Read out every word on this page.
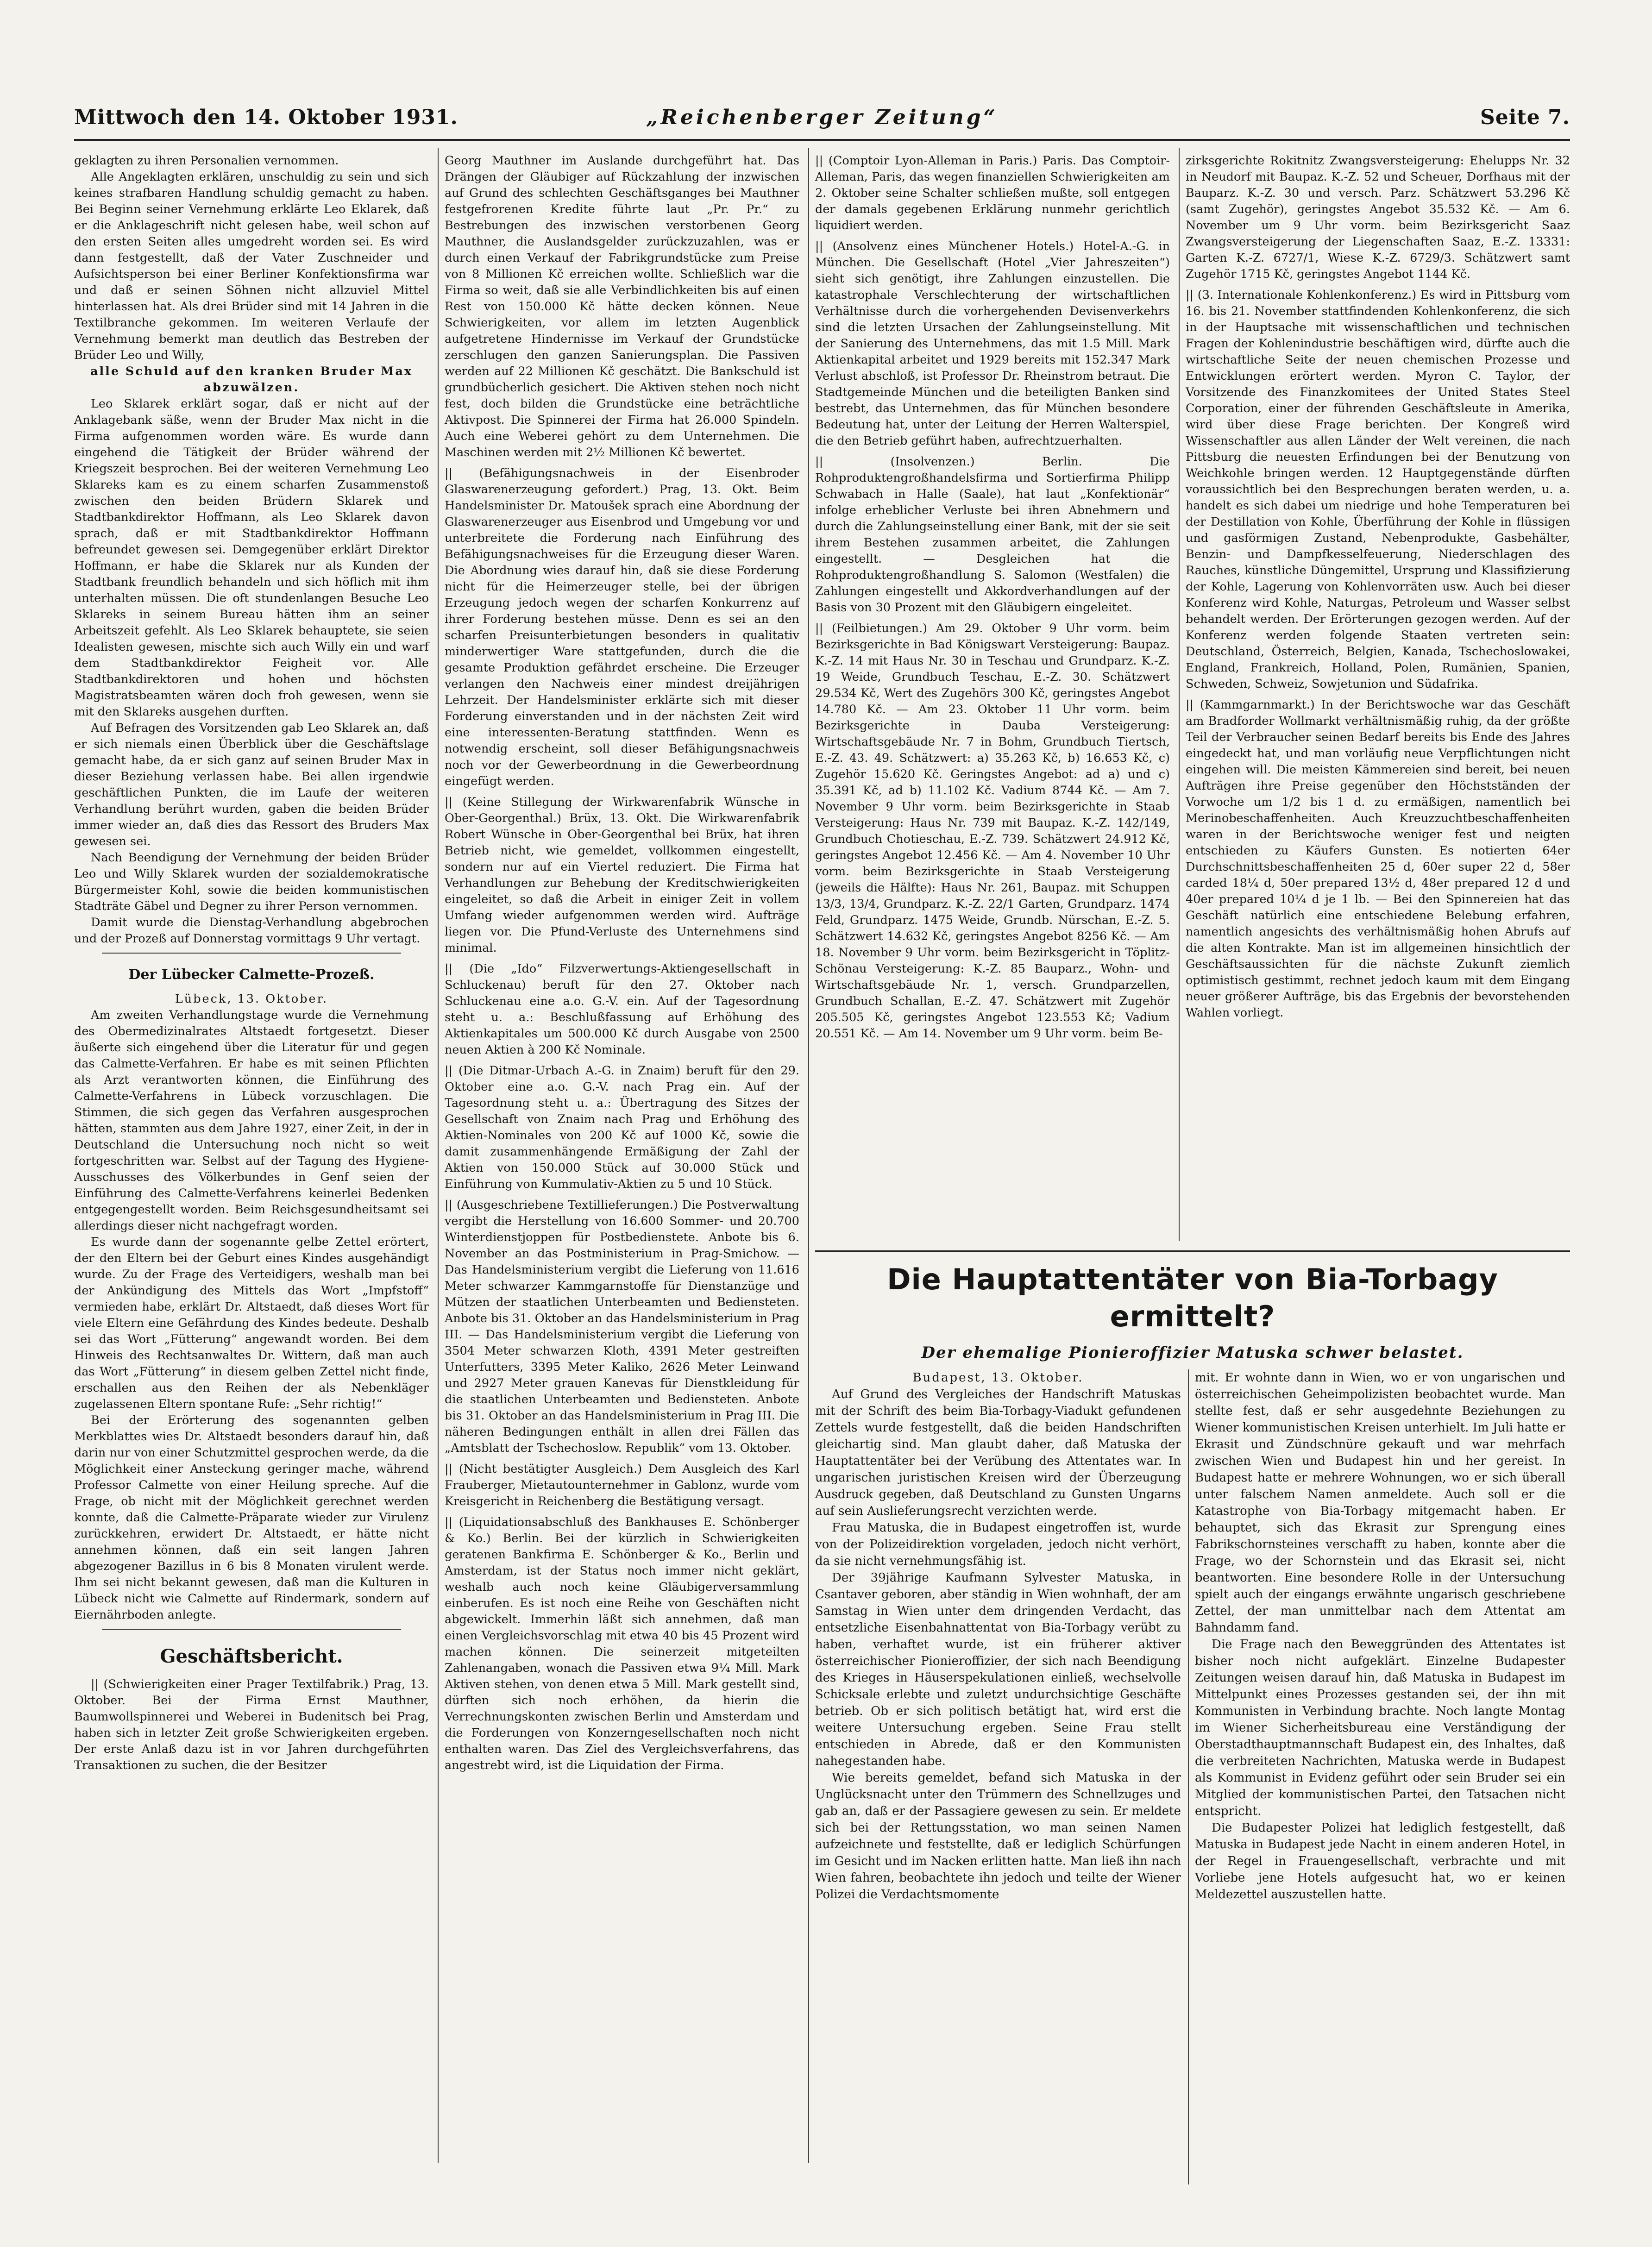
Mittwoch den 14. Oktober 1931.	„Reichenberger Zeitung“	Seite 7.

geklagten zu ihren Personalien vernommen.

Alle Angeklagten erklären, unschuldig zu sein und sich keines strafbaren Handlung schuldig gemacht zu haben. Bei Beginn seiner Vernehmung erklärte Leo Eklarek, daß er die Anklageschrift nicht gelesen habe, weil schon auf den ersten Seiten alles umgedreht worden sei. Es wird dann festgestellt, daß der Vater Zuschneider und Aufsichtsperson bei einer Berliner Konfektionsfirma war und daß er seinen Söhnen nicht allzuviel Mittel hinterlassen hat. Als drei Brüder sind mit 14 Jahren in die Textilbranche gekommen. Im weiteren Verlaufe der Vernehmung bemerkt man deutlich das Bestreben der Brüder Leo und Willy,

alle Schuld auf den kranken Bruder Max abzuwälzen.

Leo Sklarek erklärt sogar, daß er nicht auf der Anklagebank säße, wenn der Bruder Max nicht in die Firma aufgenommen worden wäre. Es wurde dann eingehend die Tätigkeit der Brüder während der Kriegszeit besprochen. Bei der weiteren Vernehmung Leo Sklareks kam es zu einem scharfen Zusammenstoß zwischen den beiden Brüdern Sklarek und Stadtbankdirektor Hoffmann, als Leo Sklarek davon sprach, daß er mit Stadtbankdirektor Hoffmann befreundet gewesen sei. Demgegenüber erklärt Direktor Hoffmann, er habe die Sklarek nur als Kunden der Stadtbank freundlich behandeln und sich höflich mit ihm unterhalten müssen. Die oft stundenlangen Besuche Leo Sklareks in seinem Bureau hätten ihm an seiner Arbeitszeit gefehlt. Als Leo Sklarek behauptete, sie seien Idealisten gewesen, mischte sich auch Willy ein und warf dem Stadtbankdirektor Feigheit vor. Alle Stadtbankdirektoren und hohen und höchsten Magistratsbeamten wären doch froh gewesen, wenn sie mit den Sklareks ausgehen durften.

Auf Befragen des Vorsitzenden gab Leo Sklarek an, daß er sich niemals einen Überblick über die Geschäftslage gemacht habe, da er sich ganz auf seinen Bruder Max in dieser Beziehung verlassen habe. Bei allen irgendwie geschäftlichen Punkten, die im Laufe der weiteren Verhandlung berührt wurden, gaben die beiden Brüder immer wieder an, daß dies das Ressort des Bruders Max gewesen sei.

Nach Beendigung der Vernehmung der beiden Brüder Leo und Willy Sklarek wurden der sozialdemokratische Bürgermeister Kohl, sowie die beiden kommunistischen Stadträte Gäbel und Degner zu ihrer Person vernommen.

Damit wurde die Dienstag-Verhandlung abgebrochen und der Prozeß auf Donnerstag vormittags 9 Uhr vertagt.

Der Lübecker Calmette-Prozeß.

Lübeck, 13. Oktober.

Am zweiten Verhandlungstage wurde die Vernehmung des Obermedizinalrates Altstaedt fortgesetzt. Dieser äußerte sich eingehend über die Literatur für und gegen das Calmette-Verfahren. Er habe es mit seinen Pflichten als Arzt verantworten können, die Einführung des Calmette-Verfahrens in Lübeck vorzuschlagen. Die Stimmen, die sich gegen das Verfahren ausgesprochen hätten, stammten aus dem Jahre 1927, einer Zeit, in der in Deutschland die Untersuchung noch nicht so weit fortgeschritten war. Selbst auf der Tagung des Hygiene-Ausschusses des Völkerbundes in Genf seien der Einführung des Calmette-Verfahrens keinerlei Bedenken entgegengestellt worden. Beim Reichsgesundheitsamt sei allerdings dieser nicht nachgefragt worden.

Es wurde dann der sogenannte gelbe Zettel erörtert, der den Eltern bei der Geburt eines Kindes ausgehändigt wurde. Zu der Frage des Verteidigers, weshalb man bei der Ankündigung des Mittels das Wort „Impfstoff“ vermieden habe, erklärt Dr. Altstaedt, daß dieses Wort für viele Eltern eine Gefährdung des Kindes bedeute. Deshalb sei das Wort „Fütterung“ angewandt worden. Bei dem Hinweis des Rechtsanwaltes Dr. Wittern, daß man auch das Wort „Fütterung“ in diesem gelben Zettel nicht finde, erschallen aus den Reihen der als Nebenkläger zugelassenen Eltern spontane Rufe: „Sehr richtig!“

Bei der Erörterung des sogenannten gelben Merkblattes wies Dr. Altstaedt besonders darauf hin, daß darin nur von einer Schutzmittel gesprochen werde, da die Möglichkeit einer Ansteckung geringer mache, während Professor Calmette von einer Heilung spreche. Auf die Frage, ob nicht mit der Möglichkeit gerechnet werden konnte, daß die Calmette-Präparate wieder zur Virulenz zurückkehren, erwidert Dr. Altstaedt, er hätte nicht annehmen können, daß ein seit langen Jahren abgezogener Bazillus in 6 bis 8 Monaten virulent werde. Ihm sei nicht bekannt gewesen, daß man die Kulturen in Lübeck nicht wie Calmette auf Rindermark, sondern auf Eiernährboden anlegte.

Geschäftsbericht.

|| (Schwierigkeiten einer Prager Textilfabrik.) Prag, 13. Oktober. Bei der Firma Ernst Mauthner, Baumwollspinnerei und Weberei in Budenitsch bei Prag, haben sich in letzter Zeit große Schwierigkeiten ergeben. Der erste Anlaß dazu ist in vor Jahren durchgeführten Transaktionen zu suchen, die der Besitzer

Georg Mauthner im Auslande durchgeführt hat. Das Drängen der Gläubiger auf Rückzahlung der inzwischen auf Grund des schlechten Geschäftsganges bei Mauthner festgefrorenen Kredite führte laut „Pr. Pr.“ zu Bestrebungen des inzwischen verstorbenen Georg Mauthner, die Auslandsgelder zurückzuzahlen, was er durch einen Verkauf der Fabrikgrundstücke zum Preise von 8 Millionen Kč erreichen wollte. Schließlich war die Firma so weit, daß sie alle Verbindlichkeiten bis auf einen Rest von 150.000 Kč hätte decken können. Neue Schwierigkeiten, vor allem im letzten Augenblick aufgetretene Hindernisse im Verkauf der Grundstücke zerschlugen den ganzen Sanierungsplan. Die Passiven werden auf 22 Millionen Kč geschätzt. Die Bankschuld ist grundbücherlich gesichert. Die Aktiven stehen noch nicht fest, doch bilden die Grundstücke eine beträchtliche Aktivpost. Die Spinnerei der Firma hat 26.000 Spindeln. Auch eine Weberei gehört zu dem Unternehmen. Die Maschinen werden mit 2½ Millionen Kč bewertet.

|| (Befähigungsnachweis in der Eisenbroder Glaswarenerzeugung gefordert.) Prag, 13. Okt. Beim Handelsminister Dr. Matoušek sprach eine Abordnung der Glaswarenerzeuger aus Eisenbrod und Umgebung vor und unterbreitete die Forderung nach Einführung des Befähigungsnachweises für die Erzeugung dieser Waren. Die Abordnung wies darauf hin, daß sie diese Forderung nicht für die Heimerzeuger stelle, bei der übrigen Erzeugung jedoch wegen der scharfen Konkurrenz auf ihrer Forderung bestehen müsse. Denn es sei an den scharfen Preisunterbietungen besonders in qualitativ minderwertiger Ware stattgefunden, durch die die gesamte Produktion gefährdet erscheine. Die Erzeuger verlangen den Nachweis einer mindest dreijährigen Lehrzeit. Der Handelsminister erklärte sich mit dieser Forderung einverstanden und in der nächsten Zeit wird eine interessenten-Beratung stattfinden. Wenn es notwendig erscheint, soll dieser Befähigungsnachweis noch vor der Gewerbeordnung in die Gewerbeordnung eingefügt werden.

|| (Keine Stillegung der Wirkwarenfabrik Wünsche in Ober-Georgenthal.) Brüx, 13. Okt. Die Wirkwarenfabrik Robert Wünsche in Ober-Georgenthal bei Brüx, hat ihren Betrieb nicht, wie gemeldet, vollkommen eingestellt, sondern nur auf ein Viertel reduziert. Die Firma hat Verhandlungen zur Behebung der Kreditschwierigkeiten eingeleitet, so daß die Arbeit in einiger Zeit in vollem Umfang wieder aufgenommen werden wird. Aufträge liegen vor. Die Pfund-Verluste des Unternehmens sind minimal.

|| (Die „Ido“ Filzverwertungs-Aktiengesellschaft in Schluckenau) beruft für den 27. Oktober nach Schluckenau eine a.o. G.-V. ein. Auf der Tagesordnung steht u. a.: Beschlußfassung auf Erhöhung des Aktienkapitales um 500.000 Kč durch Ausgabe von 2500 neuen Aktien à 200 Kč Nominale.

|| (Die Ditmar-Urbach A.-G. in Znaim) beruft für den 29. Oktober eine a.o. G.-V. nach Prag ein. Auf der Tagesordnung steht u. a.: Übertragung des Sitzes der Gesellschaft von Znaim nach Prag und Erhöhung des Aktien-Nominales von 200 Kč auf 1000 Kč, sowie die damit zusammenhängende Ermäßigung der Zahl der Aktien von 150.000 Stück auf 30.000 Stück und Einführung von Kummulativ-Aktien zu 5 und 10 Stück.

|| (Ausgeschriebene Textillieferungen.) Die Postverwaltung vergibt die Herstellung von 16.600 Sommer- und 20.700 Winterdienstjoppen für Postbedienstete. Anbote bis 6. November an das Postministerium in Prag-Smichow. — Das Handelsministerium vergibt die Lieferung von 11.616 Meter schwarzer Kammgarnstoffe für Dienstanzüge und Mützen der staatlichen Unterbeamten und Bediensteten. Anbote bis 31. Oktober an das Handelsministerium in Prag III. — Das Handelsministerium vergibt die Lieferung von 3504 Meter schwarzen Kloth, 4391 Meter gestreiften Unterfutters, 3395 Meter Kaliko, 2626 Meter Leinwand und 2927 Meter grauen Kanevas für Dienstkleidung für die staatlichen Unterbeamten und Bediensteten. Anbote bis 31. Oktober an das Handelsministerium in Prag III. Die näheren Bedingungen enthält in allen drei Fällen das „Amtsblatt der Tschechoslow. Republik“ vom 13. Oktober.

|| (Nicht bestätigter Ausgleich.) Dem Ausgleich des Karl Frauberger, Mietautounternehmer in Gablonz, wurde vom Kreisgericht in Reichenberg die Bestätigung versagt.

|| (Liquidationsabschluß des Bankhauses E. Schönberger & Ko.) Berlin. Bei der kürzlich in Schwierigkeiten geratenen Bankfirma E. Schönberger & Ko., Berlin und Amsterdam, ist der Status noch immer nicht geklärt, weshalb auch noch keine Gläubigerversammlung einberufen. Es ist noch eine Reihe von Geschäften nicht abgewickelt. Immerhin läßt sich annehmen, daß man einen Vergleichsvorschlag mit etwa 40 bis 45 Prozent wird machen können. Die seinerzeit mitgeteilten Zahlenangaben, wonach die Passiven etwa 9¼ Mill. Mark Aktiven stehen, von denen etwa 5 Mill. Mark gestellt sind, dürften sich noch erhöhen, da hierin die Verrechnungskonten zwischen Berlin und Amsterdam und die Forderungen von Konzerngesellschaften noch nicht enthalten waren. Das Ziel des Vergleichsverfahrens, das angestrebt wird, ist die Liquidation der Firma.

|| (Comptoir Lyon-Alleman in Paris.) Paris. Das Comptoir-Alleman, Paris, das wegen finanziellen Schwierigkeiten am 2. Oktober seine Schalter schließen mußte, soll entgegen der damals gegebenen Erklärung nunmehr gerichtlich liquidiert werden.

|| (Ansolvenz eines Münchener Hotels.) Hotel-A.-G. in München. Die Gesellschaft (Hotel „Vier Jahreszeiten“) sieht sich genötigt, ihre Zahlungen einzustellen. Die katastrophale Verschlechterung der wirtschaftlichen Verhältnisse durch die vorhergehenden Devisenverkehrs sind die letzten Ursachen der Zahlungseinstellung. Mit der Sanierung des Unternehmens, das mit 1.5 Mill. Mark Aktienkapital arbeitet und 1929 bereits mit 152.347 Mark Verlust abschloß, ist Professor Dr. Rheinstrom betraut. Die Stadtgemeinde München und die beteiligten Banken sind bestrebt, das Unternehmen, das für München besondere Bedeutung hat, unter der Leitung der Herren Walterspiel, die den Betrieb geführt haben, aufrechtzuerhalten.

|| (Insolvenzen.) Berlin. Die Rohproduktengroßhandelsfirma und Sortierfirma Philipp Schwabach in Halle (Saale), hat laut „Konfektionär“ infolge erheblicher Verluste bei ihren Abnehmern und durch die Zahlungseinstellung einer Bank, mit der sie seit ihrem Bestehen zusammen arbeitet, die Zahlungen eingestellt. — Desgleichen hat die Rohproduktengroßhandlung S. Salomon (Westfalen) die Zahlungen eingestellt und Akkordverhandlungen auf der Basis von 30 Prozent mit den Gläubigern eingeleitet.

|| (Feilbietungen.) Am 29. Oktober 9 Uhr vorm. beim Bezirksgerichte in Bad Königswart Versteigerung: Baupaz. K.-Z. 14 mit Haus Nr. 30 in Teschau und Grundparz. K.-Z. 19 Weide, Grundbuch Teschau, E.-Z. 30. Schätzwert 29.534 Kč, Wert des Zugehörs 300 Kč, geringstes Angebot 14.780 Kč. — Am 23. Oktober 11 Uhr vorm. beim Bezirksgerichte in Dauba Versteigerung: Wirtschaftsgebäude Nr. 7 in Bohm, Grundbuch Tiertsch, E.-Z. 43. 49. Schätzwert: a) 35.263 Kč, b) 16.653 Kč, c) Zugehör 15.620 Kč. Geringstes Angebot: ad a) und c) 35.391 Kč, ad b) 11.102 Kč. Vadium 8744 Kč. — Am 7. November 9 Uhr vorm. beim Bezirksgerichte in Staab Versteigerung: Haus Nr. 739 mit Baupaz. K.-Z. 142/149, Grundbuch Chotieschau, E.-Z. 739. Schätzwert 24.912 Kč, geringstes Angebot 12.456 Kč. — Am 4. November 10 Uhr vorm. beim Bezirksgerichte in Staab Versteigerung (jeweils die Hälfte): Haus Nr. 261, Baupaz. mit Schuppen 13/3, 13/4, Grundparz. K.-Z. 22/1 Garten, Grundparz. 1474 Feld, Grundparz. 1475 Weide, Grundb. Nürschan, E.-Z. 5. Schätzwert 14.632 Kč, geringstes Angebot 8256 Kč. — Am 18. November 9 Uhr vorm. beim Bezirksgericht in Töplitz-Schönau Versteigerung: K.-Z. 85 Bauparz., Wohn- und Wirtschaftsgebäude Nr. 1, versch. Grundparzellen, Grundbuch Schallan, E.-Z. 47. Schätzwert mit Zugehör 205.505 Kč, geringstes Angebot 123.553 Kč; Vadium 20.551 Kč. — Am 14. November um 9 Uhr vorm. beim Be-

zirksgerichte Rokitnitz Zwangsversteigerung: Ehelupps Nr. 32 in Neudorf mit Baupaz. K.-Z. 52 und Scheuer, Dorfhaus mit der Bauparz. K.-Z. 30 und versch. Parz. Schätzwert 53.296 Kč (samt Zugehör), geringstes Angebot 35.532 Kč. — Am 6. November um 9 Uhr vorm. beim Bezirksgericht Saaz Zwangsversteigerung der Liegenschaften Saaz, E.-Z. 13331: Garten K.-Z. 6727/1, Wiese K.-Z. 6729/3. Schätzwert samt Zugehör 1715 Kč, geringstes Angebot 1144 Kč.

|| (3. Internationale Kohlenkonferenz.) Es wird in Pittsburg vom 16. bis 21. November stattfindenden Kohlenkonferenz, die sich in der Hauptsache mit wissenschaftlichen und technischen Fragen der Kohlenindustrie beschäftigen wird, dürfte auch die wirtschaftliche Seite der neuen chemischen Prozesse und Entwicklungen erörtert werden. Myron C. Taylor, der Vorsitzende des Finanzkomitees der United States Steel Corporation, einer der führenden Geschäftsleute in Amerika, wird über diese Frage berichten. Der Kongreß wird Wissenschaftler aus allen Länder der Welt vereinen, die nach Pittsburg die neuesten Erfindungen bei der Benutzung von Weichkohle bringen werden. 12 Hauptgegenstände dürften voraussichtlich bei den Besprechungen beraten werden, u. a. handelt es sich dabei um niedrige und hohe Temperaturen bei der Destillation von Kohle, Überführung der Kohle in flüssigen und gasförmigen Zustand, Nebenprodukte, Gasbehälter, Benzin- und Dampfkesselfeuerung, Niederschlagen des Rauches, künstliche Düngemittel, Ursprung und Klassifizierung der Kohle, Lagerung von Kohlenvorräten usw. Auch bei dieser Konferenz wird Kohle, Naturgas, Petroleum und Wasser selbst behandelt werden. Der Erörterungen gezogen werden. Auf der Konferenz werden folgende Staaten vertreten sein: Deutschland, Österreich, Belgien, Kanada, Tschechoslowakei, England, Frankreich, Holland, Polen, Rumänien, Spanien, Schweden, Schweiz, Sowjetunion und Südafrika.

|| (Kammgarnmarkt.) In der Berichtswoche war das Geschäft am Bradforder Wollmarkt verhältnismäßig ruhig, da der größte Teil der Verbraucher seinen Bedarf bereits bis Ende des Jahres eingedeckt hat, und man vorläufig neue Verpflichtungen nicht eingehen will. Die meisten Kämmereien sind bereit, bei neuen Aufträgen ihre Preise gegenüber den Höchstständen der Vorwoche um 1/2 bis 1 d. zu ermäßigen, namentlich bei Merinobeschaffenheiten. Auch Kreuzzuchtbeschaffenheiten waren in der Berichtswoche weniger fest und neigten entschieden zu Käufers Gunsten. Es notierten 64er Durchschnittsbeschaffenheiten 25 d, 60er super 22 d, 58er carded 18¼ d, 50er prepared 13½ d, 48er prepared 12 d und 40er prepared 10¼ d je 1 lb. — Bei den Spinnereien hat das Geschäft natürlich eine entschiedene Belebung erfahren, namentlich angesichts des verhältnismäßig hohen Abrufs auf die alten Kontrakte. Man ist im allgemeinen hinsichtlich der Geschäftsaussichten für die nächste Zukunft ziemlich optimistisch gestimmt, rechnet jedoch kaum mit dem Eingang neuer größerer Aufträge, bis das Ergebnis der bevorstehenden Wahlen vorliegt.

Die Hauptattentäter von Bia-Torbagy ermittelt?
Der ehemalige Pionieroffizier Matuska schwer belastet.

Budapest, 13. Oktober.

Auf Grund des Vergleiches der Handschrift Matuskas mit der Schrift des beim Bia-Torbagy-Viadukt gefundenen Zettels wurde festgestellt, daß die beiden Handschriften gleichartig sind. Man glaubt daher, daß Matuska der Hauptattentäter bei der Verübung des Attentates war. In ungarischen juristischen Kreisen wird der Überzeugung Ausdruck gegeben, daß Deutschland zu Gunsten Ungarns auf sein Auslieferungsrecht verzichten werde.

Frau Matuska, die in Budapest eingetroffen ist, wurde von der Polizeidirektion vorgeladen, jedoch nicht verhört, da sie nicht vernehmungsfähig ist.

Der 39jährige Kaufmann Sylvester Matuska, in Csantaver geboren, aber ständig in Wien wohnhaft, der am Samstag in Wien unter dem dringenden Verdacht, das entsetzliche Eisenbahnattentat von Bia-Torbagy verübt zu haben, verhaftet wurde, ist ein früherer aktiver österreichischer Pionieroffizier, der sich nach Beendigung des Krieges in Häuserspekulationen einließ, wechselvolle Schicksale erlebte und zuletzt undurchsichtige Geschäfte betrieb. Ob er sich politisch betätigt hat, wird erst die weitere Untersuchung ergeben. Seine Frau stellt entschieden in Abrede, daß er den Kommunisten nahegestanden habe.

Wie bereits gemeldet, befand sich Matuska in der Unglücksnacht unter den Trümmern des Schnellzuges und gab an, daß er der Passagiere gewesen zu sein. Er meldete sich bei der Rettungsstation, wo man seinen Namen aufzeichnete und feststellte, daß er lediglich Schürfungen im Gesicht und im Nacken erlitten hatte. Man ließ ihn nach Wien fahren, beobachtete ihn jedoch und teilte der Wiener Polizei die Verdachtsmomente

mit. Er wohnte dann in Wien, wo er von ungarischen und österreichischen Geheimpolizisten beobachtet wurde. Man stellte fest, daß er sehr ausgedehnte Beziehungen zu Wiener kommunistischen Kreisen unterhielt. Im Juli hatte er Ekrasit und Zündschnüre gekauft und war mehrfach zwischen Wien und Budapest hin und her gereist. In Budapest hatte er mehrere Wohnungen, wo er sich überall unter falschem Namen anmeldete. Auch soll er die Katastrophe von Bia-Torbagy mitgemacht haben. Er behauptet, sich das Ekrasit zur Sprengung eines Fabrikschornsteines verschafft zu haben, konnte aber die Frage, wo der Schornstein und das Ekrasit sei, nicht beantworten. Eine besondere Rolle in der Untersuchung spielt auch der eingangs erwähnte ungarisch geschriebene Zettel, der man unmittelbar nach dem Attentat am Bahndamm fand.

Die Frage nach den Beweggründen des Attentates ist bisher noch nicht aufgeklärt. Einzelne Budapester Zeitungen weisen darauf hin, daß Matuska in Budapest im Mittelpunkt eines Prozesses gestanden sei, der ihn mit Kommunisten in Verbindung brachte. Noch langte Montag im Wiener Sicherheitsbureau eine Verständigung der Oberstadthauptmannschaft Budapest ein, des Inhaltes, daß die verbreiteten Nachrichten, Matuska werde in Budapest als Kommunist in Evidenz geführt oder sein Bruder sei ein Mitglied der kommunistischen Partei, den Tatsachen nicht entspricht.

Die Budapester Polizei hat lediglich festgestellt, daß Matuska in Budapest jede Nacht in einem anderen Hotel, in der Regel in Frauengesellschaft, verbrachte und mit Vorliebe jene Hotels aufgesucht hat, wo er keinen Meldezettel auszustellen hatte.
